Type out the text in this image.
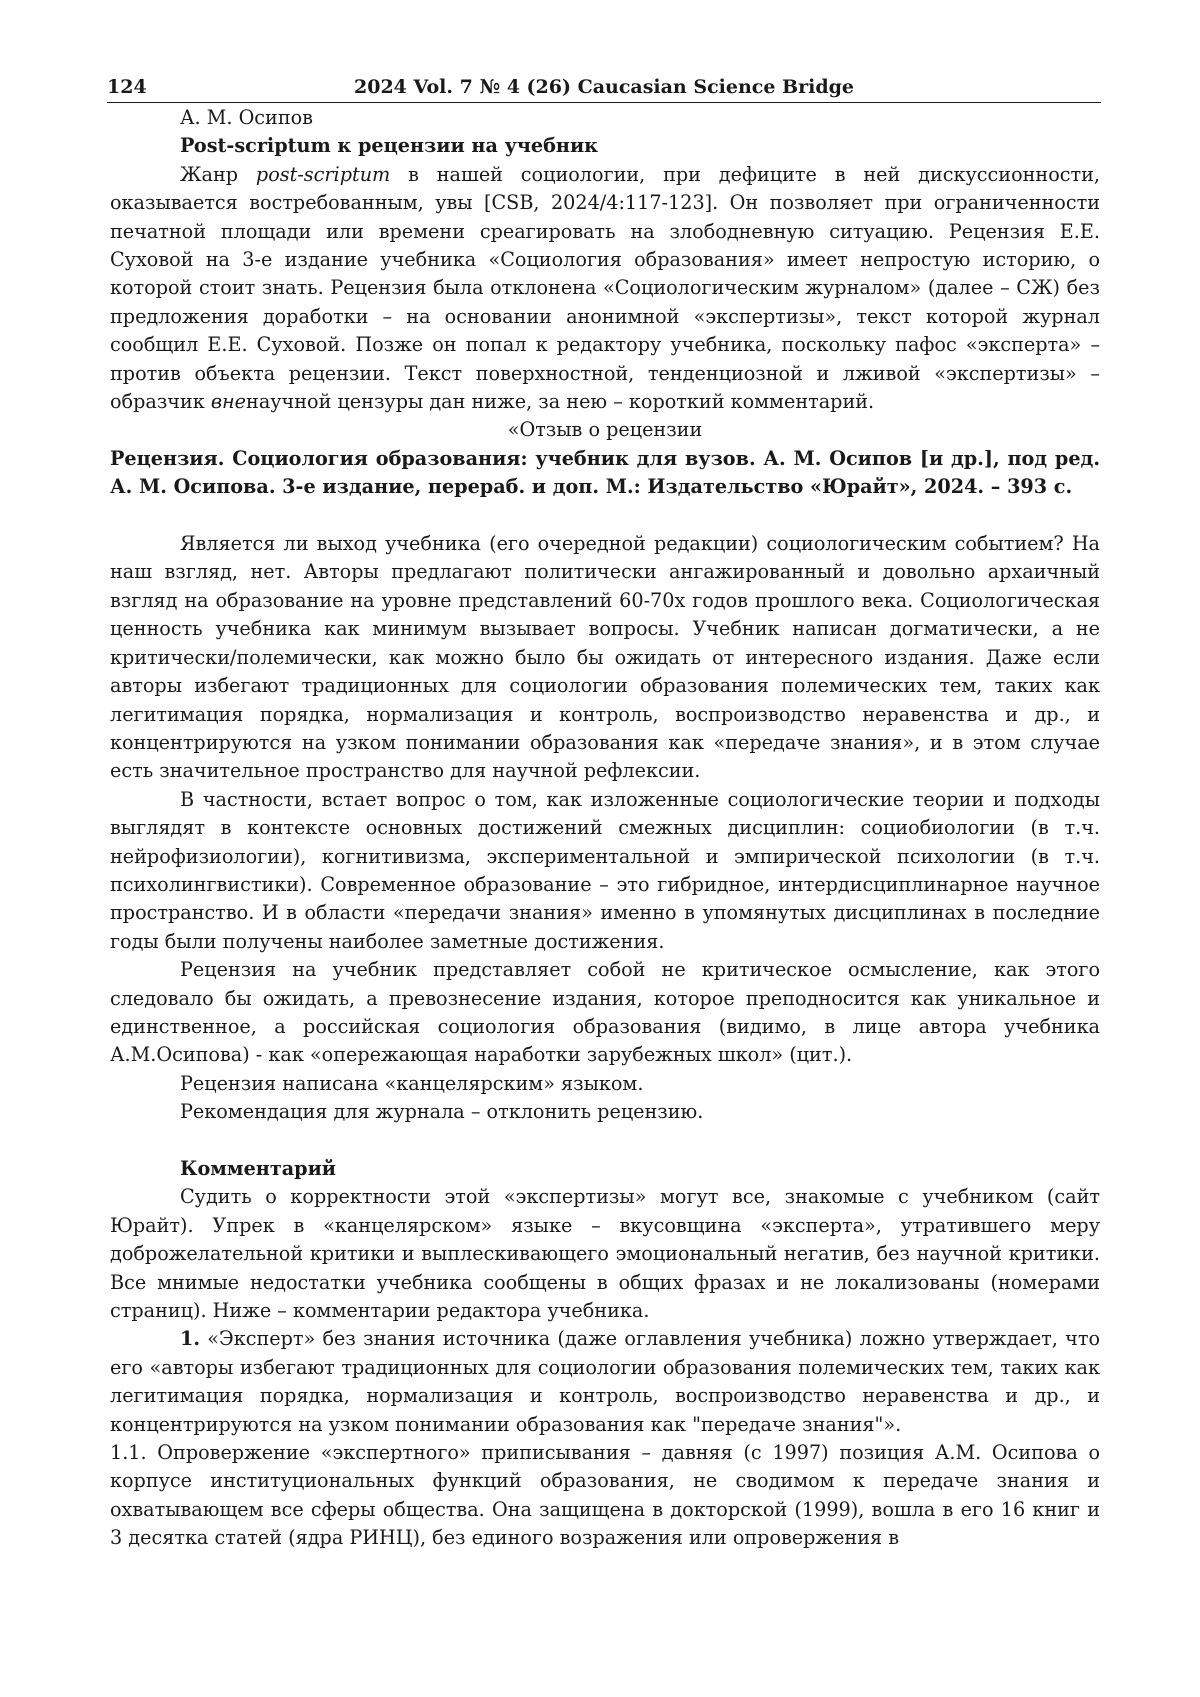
124	2024 Vol. 7 № 4 (26) Caucasian Science Bridge

А. М. Осипов

Post-scriptum к рецензии на учебник

Жанр post-scriptum в нашей социологии, при дефиците в ней дискуссионности, оказывается востребованным, увы [CSB, 2024/4:117-123]. Он позволяет при ограниченности печатной площади или времени среагировать на злободневную ситуацию. Рецензия Е.Е. Суховой на 3-е издание учебника «Социология образования» имеет непростую историю, о которой стоит знать. Рецензия была отклонена «Социологическим журналом» (далее – СЖ) без предложения доработки – на основании анонимной «экспертизы», текст которой журнал сообщил Е.Е. Суховой. Позже он попал к редактору учебника, поскольку пафос «эксперта» – против объекта рецензии. Текст поверхностной, тенденциозной и лживой «экспертизы» – образчик вненаучной цензуры дан ниже, за нею – короткий комментарий.

«Отзыв о рецензии

Рецензия. Социология образования: учебник для вузов. А. М. Осипов [и др.], под ред. А. М. Осипова. 3-е издание, перераб. и доп. М.: Издательство «Юрайт», 2024. – 393 с.

Является ли выход учебника (его очередной редакции) социологическим событием? На наш взгляд, нет. Авторы предлагают политически ангажированный и довольно архаичный взгляд на образование на уровне представлений 60-70х годов прошлого века. Социологическая ценность учебника как минимум вызывает вопросы. Учебник написан догматически, а не критически/полемически, как можно было бы ожидать от интересного издания. Даже если авторы избегают традиционных для социологии образования полемических тем, таких как легитимация порядка, нормализация и контроль, воспроизводство неравенства и др., и концентрируются на узком понимании образования как «передаче знания», и в этом случае есть значительное пространство для научной рефлексии.

В частности, встает вопрос о том, как изложенные социологические теории и подходы выглядят в контексте основных достижений смежных дисциплин: социобиологии (в т.ч. нейрофизиологии), когнитивизма, экспериментальной и эмпирической психологии (в т.ч. психолингвистики). Современное образование – это гибридное, интердисциплинарное научное пространство. И в области «передачи знания» именно в упомянутых дисциплинах в последние годы были получены наиболее заметные достижения.

Рецензия на учебник представляет собой не критическое осмысление, как этого следовало бы ожидать, а превознесение издания, которое преподносится как уникальное и единственное, а российская социология образования (видимо, в лице автора учебника А.М.Осипова) - как «опережающая наработки зарубежных школ» (цит.).

Рецензия написана «канцелярским» языком.

Рекомендация для журнала – отклонить рецензию.

Комментарий

Судить о корректности этой «экспертизы» могут все, знакомые с учебником (сайт Юрайт). Упрек в «канцелярском» языке – вкусовщина «эксперта», утратившего меру доброжелательной критики и выплескивающего эмоциональный негатив, без научной критики. Все мнимые недостатки учебника сообщены в общих фразах и не локализованы (номерами страниц). Ниже – комментарии редактора учебника.

1. «Эксперт» без знания источника (даже оглавления учебника) ложно утверждает, что его «авторы избегают традиционных для социологии образования полемических тем, таких как легитимация порядка, нормализация и контроль, воспроизводство неравенства и др., и концентрируются на узком понимании образования как "передаче знания"».

1.1. Опровержение «экспертного» приписывания – давняя (с 1997) позиция А.М. Осипова о корпусе институциональных функций образования, не сводимом к передаче знания и охватывающем все сферы общества. Она защищена в докторской (1999), вошла в его 16 книг и 3 десятка статей (ядра РИНЦ), без единого возражения или опровержения в
